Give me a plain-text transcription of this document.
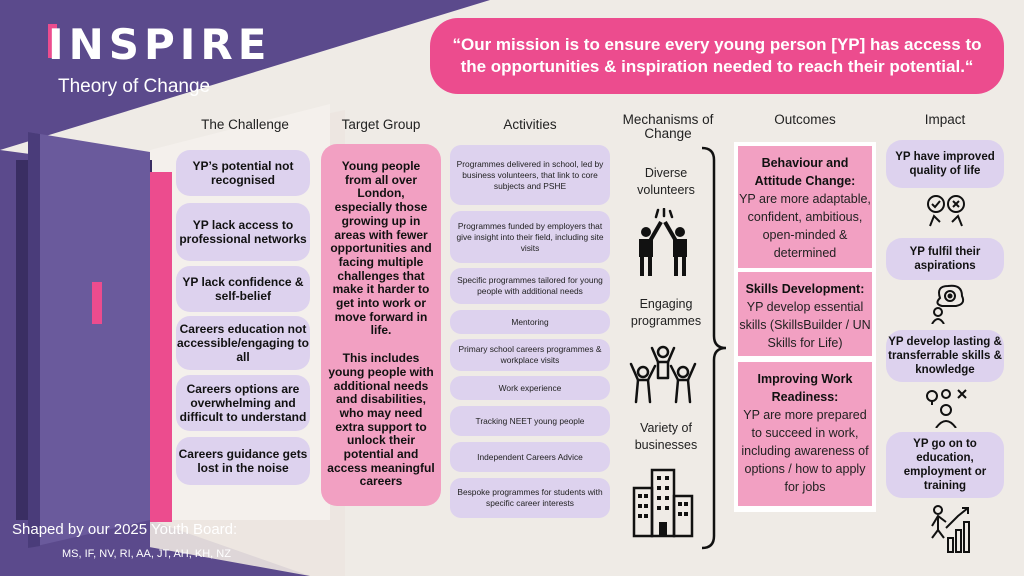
INSPIRE
Theory of Change
“Our mission is to ensure every young person [YP] has access to the opportunities & inspiration needed to reach their potential.“
The Challenge	Target Group	Activities	Mechanisms of Change
Outcomes	Impact
YP’s potential not recognised
YP lack access to professional networks
YP lack confidence & self-belief
Careers education not accessible/engaging to all
Careers options are overwhelming and difficult to understand
Careers guidance gets lost in the noise

Young people from all over London, especially those growing up in areas with fewer opportunities and facing multiple challenges that make it harder to get into work or move forward in life.

This includes young people with additional needs and disabilities, who may need extra support to unlock their potential and access meaningful careers

Programmes delivered in school, led by business volunteers, that link to core subjects and PSHE
Programmes funded by employers that give insight into their field, including site visits
Specific programmes tailored for young people with additional needs
Mentoring
Primary school careers programmes & workplace visits
Work experience
Tracking NEET young people
Independent Careers Advice
Bespoke programmes for students with specific career interests
Diverse volunteers
Engaging programmes
Variety of businesses
Behaviour and Attitude Change:
YP are more adaptable, confident, ambitious, open-minded & determined
Skills Development:
YP develop essential skills (SkillsBuilder / UN Skills for Life)
Improving Work Readiness:
YP are more prepared to succeed in work, including awareness of options / how to apply for jobs
YP have improved quality of life
YP fulfil their aspirations
YP develop lasting & transferrable skills & knowledge
YP go on to education, employment or training
Shaped by our 2025 Youth Board:
MS, IF, NV, RI, AA, JT, AH, KH, NZ
